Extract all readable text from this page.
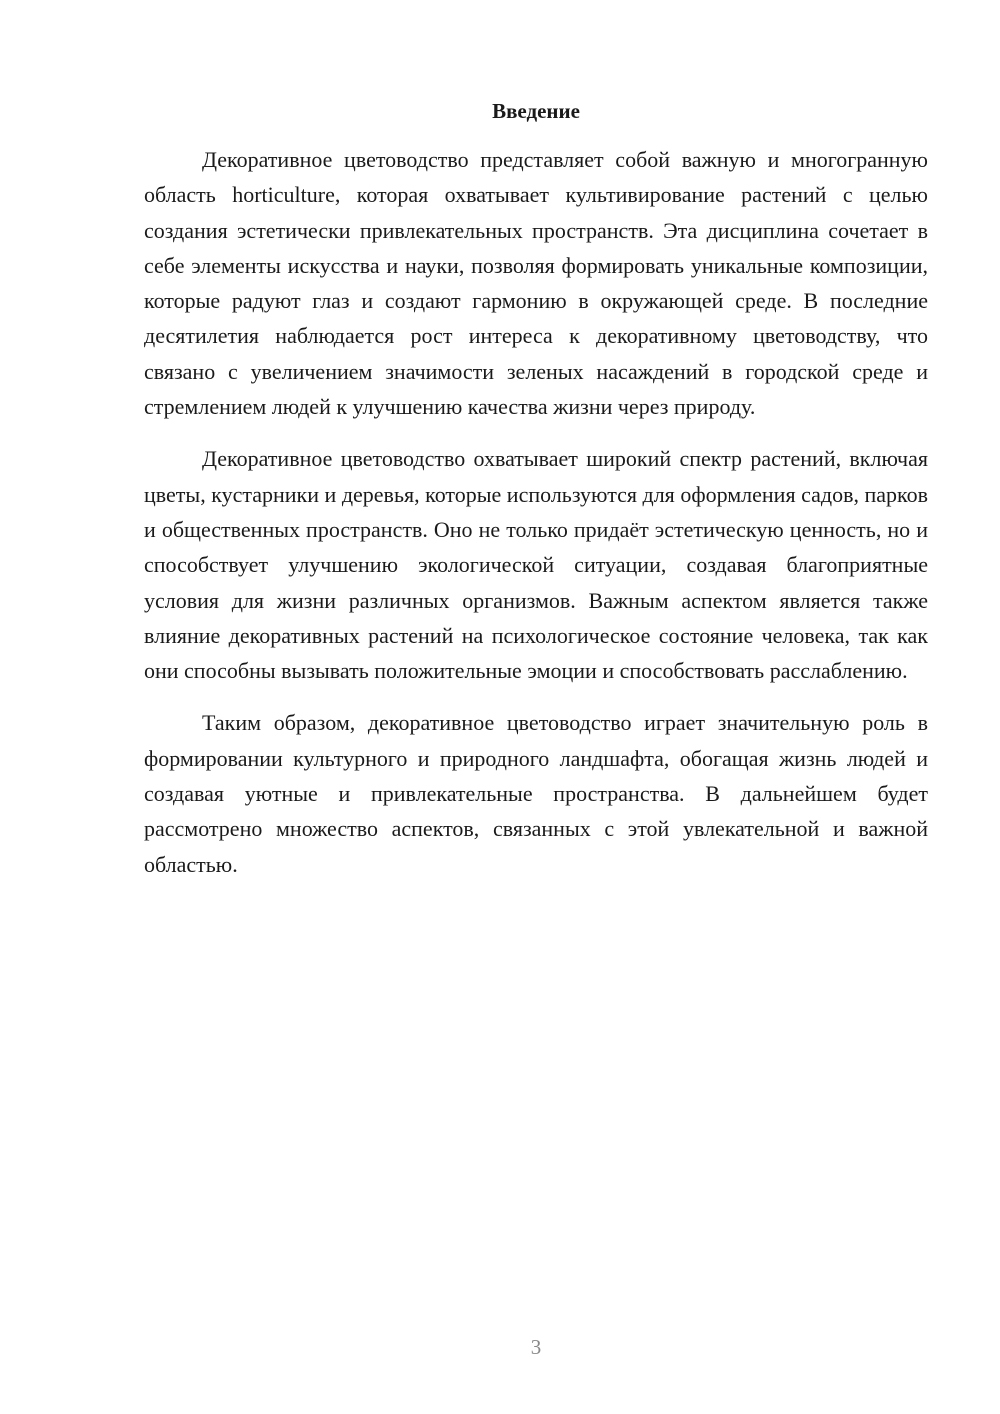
Введение

Декоративное цветоводство представляет собой важную и многогранную область horticulture, которая охватывает культивирование растений с целью создания эстетически привлекательных пространств. Эта дисциплина сочетает в себе элементы искусства и науки, позволяя формировать уникальные композиции, которые радуют глаз и создают гармонию в окружающей среде. В последние десятилетия наблюдается рост интереса к декоративному цветоводству, что связано с увеличением значимости зеленых насаждений в городской среде и стремлением людей к улучшению качества жизни через природу.

Декоративное цветоводство охватывает широкий спектр растений, включая цветы, кустарники и деревья, которые используются для оформления садов, парков и общественных пространств. Оно не только придаёт эстетическую ценность, но и способствует улучшению экологической ситуации, создавая благоприятные условия для жизни различных организмов. Важным аспектом является также влияние декоративных растений на психологическое состояние человека, так как они способны вызывать положительные эмоции и способствовать расслаблению.

Таким образом, декоративное цветоводство играет значительную роль в формировании культурного и природного ландшафта, обогащая жизнь людей и создавая уютные и привлекательные пространства. В дальнейшем будет рассмотрено множество аспектов, связанных с этой увлекательной и важной областью.

3
